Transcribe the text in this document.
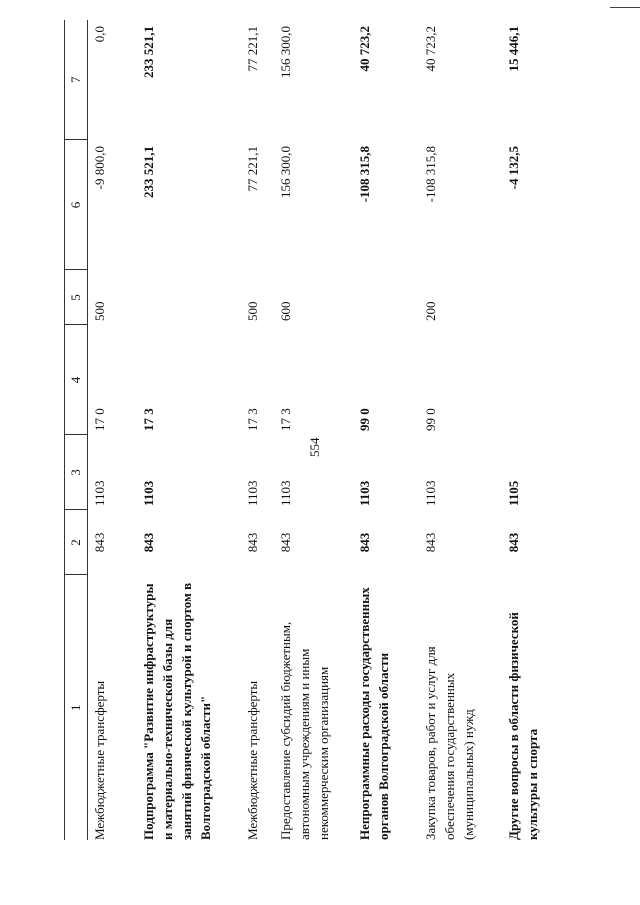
554
1	2	3	4	5	6	7
Межбюджетные трансферты	843	1103	17 0	500	-9 800,0	0,0

Подпрограмма "Развитие инфраструктуры и материально-технической базы для занятий физической культурой и спортом в Волгоградской области"	843	1103	17 3		233 521,1	233 521,1

Межбюджетные трансферты	843	1103	17 3	500	77 221,1	77 221,1

Предоставление субсидий бюджетным, автономным учреждениям и иным некоммерческим организациям	843	1103	17 3	600	156 300,0	156 300,0

Непрограммные расходы государственных органов Волгоградской области	843	1103	99 0		-108 315,8	40 723,2

Закупка товаров, работ и услуг для обеспечения государственных (муниципальных) нужд	843	1103	99 0	200	-108 315,8	40 723,2

Другие вопросы в области физической культуры и спорта	843	1105			-4 132,5	15 446,1
